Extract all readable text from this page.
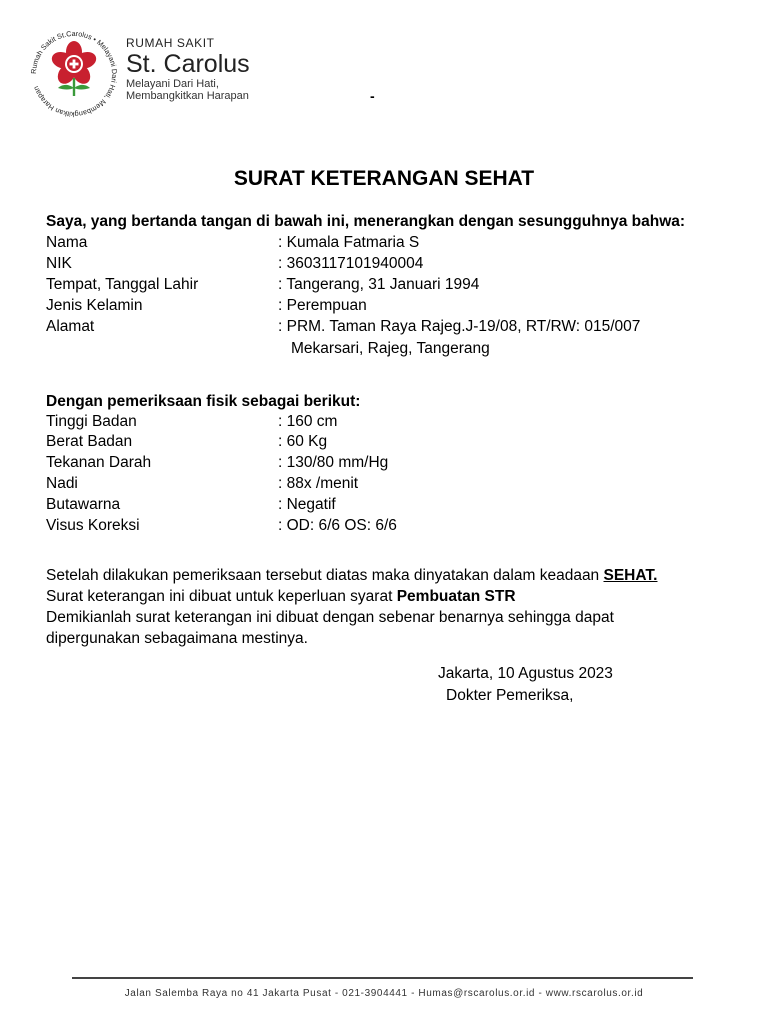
umah Sakit St.Carolus • Melayani ri Hati, Membangkitkan Harapan
RUMAH SAKIT
St. Carolus
Melayani Dari Hati,
Membangkitkan Harapan	-
SURAT KETERANGAN SEHAT
Saya, yang bertanda tangan di bawah ini, menerangkan dengan sesungguhnya bahwa:
Nama	: Kumala Fatmaria S
NIK	: 3603117101940004
Tempat, Tanggal Lahir	: Tangerang, 31 Januari 1994
Jenis Kelamin	: Perempuan
Alamat	: PRM. Taman Raya Rajeg.J-19/08, RT/RW: 015/007
Mekarsari, Rajeg, Tangerang
Dengan pemeriksaan fisik sebagai berikut:
Tinggi Badan	: 160 cm
Berat Badan	: 60 Kg
Tekanan Darah	: 130/80 mm/Hg
Nadi	: 88x /menit
Butawarna	: Negatif
Visus Koreksi	: OD: 6/6 OS: 6/6
Setelah dilakukan pemeriksaan tersebut diatas maka dinyatakan dalam keadaan SEHAT.
Surat keterangan ini dibuat untuk keperluan syarat Pembuatan STR
Demikianlah surat keterangan ini dibuat dengan sebenar benarnya sehingga dapat dipergunakan sebagaimana mestinya.
Jakarta, 10 Agustus 2023
Dokter Pemeriksa,
Jalan Salemba Raya no 41 Jakarta Pusat - 021-3904441 - Humas@rscarolus.or.id - www.rscarolus.or.id
